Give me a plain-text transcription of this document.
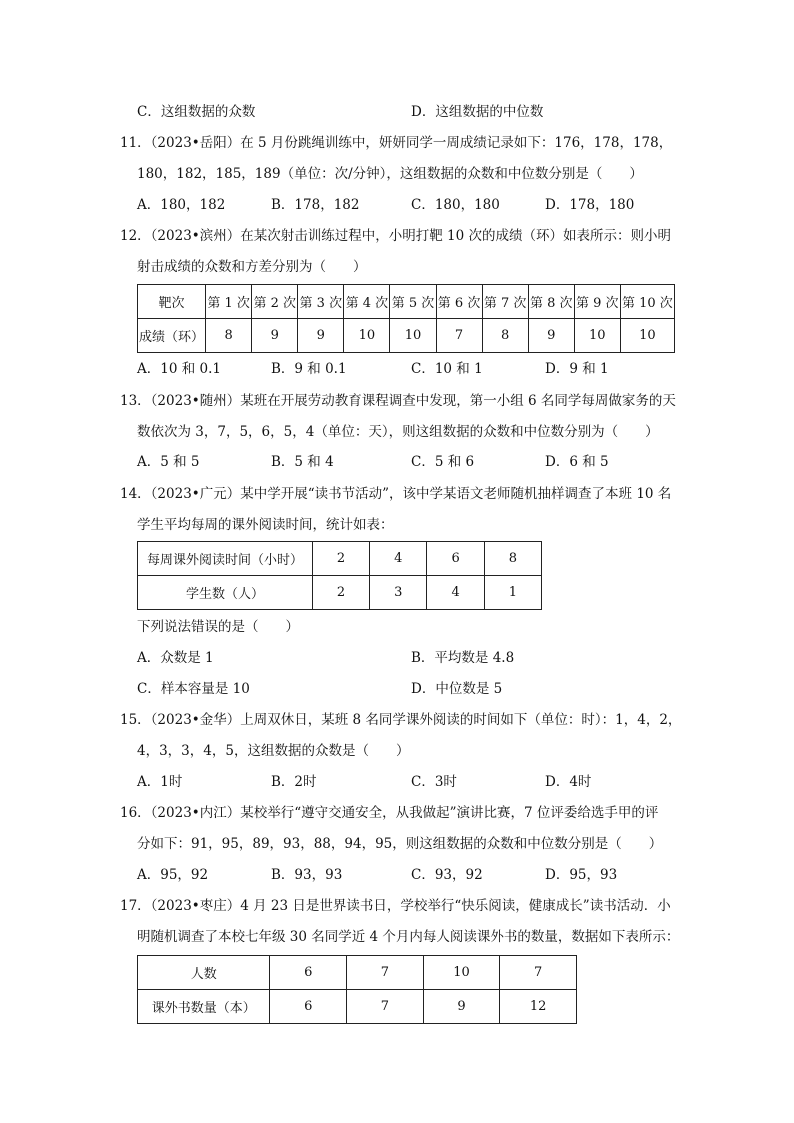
C．这组数据的众数	D．这组数据的中位数
11．（2023•岳阳）在 5 月份跳绳训练中，妍妍同学一周成绩记录如下：176，178，178，
180，182，185，189（单位：次/分钟），这组数据的众数和中位数分别是（　　）
A．180，182	B．178，182	C．180，180	D．178，180
12．（2023•滨州）在某次射击训练过程中，小明打靶 10 次的成绩（环）如表所示：则小明
射击成绩的众数和方差分别为（　　）
靶次	第 1 次	第 2 次	第 3 次	第 4 次	第 5 次	第 6 次	第 7 次	第 8 次	第 9 次	第 10 次
成绩（环）	8	9	9	10	10	7	8	9	10	10
A．10 和 0.1	B．9 和 0.1	C．10 和 1	D．9 和 1
13．（2023•随州）某班在开展劳动教育课程调查中发现，第一小组 6 名同学每周做家务的天
数依次为 3，7，5，6，5，4（单位：天），则这组数据的众数和中位数分别为（　　）
A．5 和 5	B．5 和 4	C．5 和 6	D．6 和 5
14．（2023•广元）某中学开展“读书节活动”，该中学某语文老师随机抽样调查了本班 10 名
学生平均每周的课外阅读时间，统计如表：
每周课外阅读时间（小时）	2	4	6	8
学生数（人）	2	3	4	1
下列说法错误的是（　　）
A．众数是 1	B．平均数是 4.8
C．样本容量是 10	D．中位数是 5
15．（2023•金华）上周双休日，某班 8 名同学课外阅读的时间如下（单位：时）：1，4，2，
4，3，3，4，5，这组数据的众数是（　　）
A．1时	B．2时	C．3时	D．4时
16．（2023•内江）某校举行“遵守交通安全，从我做起”演讲比赛，7 位评委给选手甲的评
分如下：91，95，89，93，88，94，95，则这组数据的众数和中位数分别是（　　）
A．95，92	B．93，93	C．93，92	D．95，93
17．（2023•枣庄）4 月 23 日是世界读书日，学校举行“快乐阅读，健康成长”读书活动．小
明随机调查了本校七年级 30 名同学近 4 个月内每人阅读课外书的数量，数据如下表所示：
人数	6	7	10	7
课外书数量（本）	6	7	9	12
